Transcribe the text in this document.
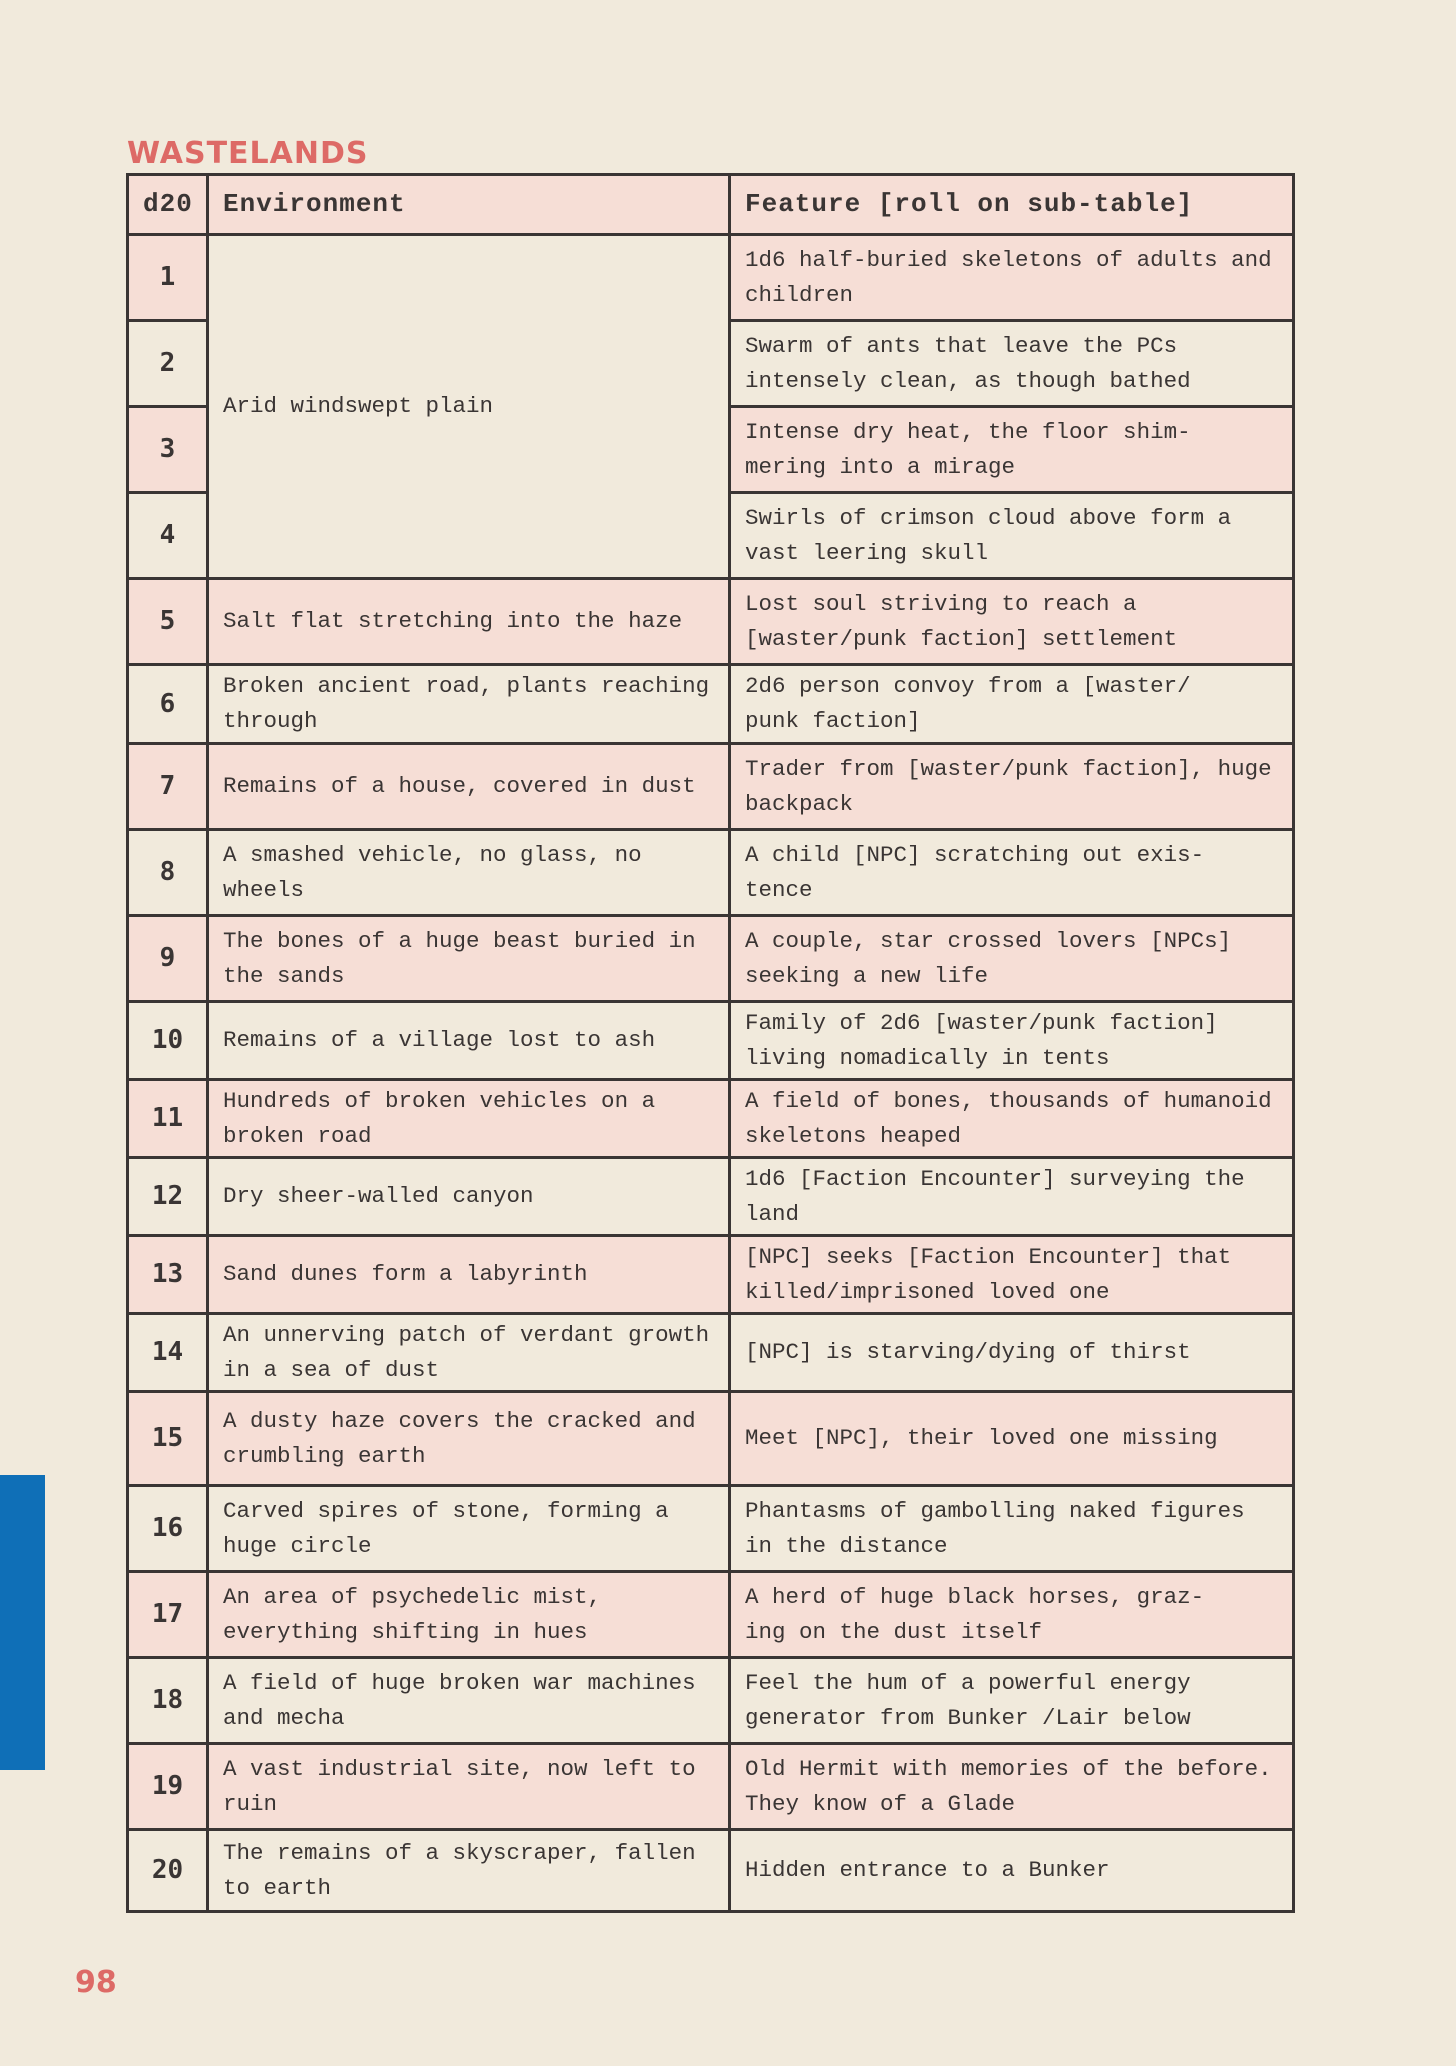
WASTELANDS
d20	Environment	Feature [roll on sub-table]
1	Arid windswept plain	1d6 half-buried skeletons of adults and children
2		Swarm of ants that leave the PCs intensely clean, as though bathed
3		Intense dry heat, the floor shim-
mering into a mirage
4		Swirls of crimson cloud above form a vast leering skull
5	Salt flat stretching into the haze	Lost soul striving to reach a [waster/punk faction] settlement
6	Broken ancient road, plants reaching through	2d6 person convoy from a [waster/
punk faction]
7	Remains of a house, covered in dust	Trader from [waster/punk faction], huge backpack
8	A smashed vehicle, no glass, no wheels	A child [NPC] scratching out exis-
tence
9	The bones of a huge beast buried in the sands	A couple, star crossed lovers [NPCs] seeking a new life
10	Remains of a village lost to ash	Family of 2d6 [waster/punk faction] living nomadically in tents
11	Hundreds of broken vehicles on a broken road	A field of bones, thousands of humanoid skeletons heaped
12	Dry sheer-walled canyon	1d6 [Faction Encounter] surveying the land
13	Sand dunes form a labyrinth	[NPC] seeks [Faction Encounter] that killed/imprisoned loved one
14	An unnerving patch of verdant growth in a sea of dust	[NPC] is starving/dying of thirst
15	A dusty haze covers the cracked and crumbling earth	Meet [NPC], their loved one missing
16	Carved spires of stone, forming a huge circle	Phantasms of gambolling naked figures in the distance
17	An area of psychedelic mist, everything shifting in hues	A herd of huge black horses, graz-
ing on the dust itself
18	A field of huge broken war machines and mecha	Feel the hum of a powerful energy generator from Bunker /Lair below
19	A vast industrial site, now left to ruin	Old Hermit with memories of the before. They know of a Glade
20	The remains of a skyscraper, fallen to earth	Hidden entrance to a Bunker
98
